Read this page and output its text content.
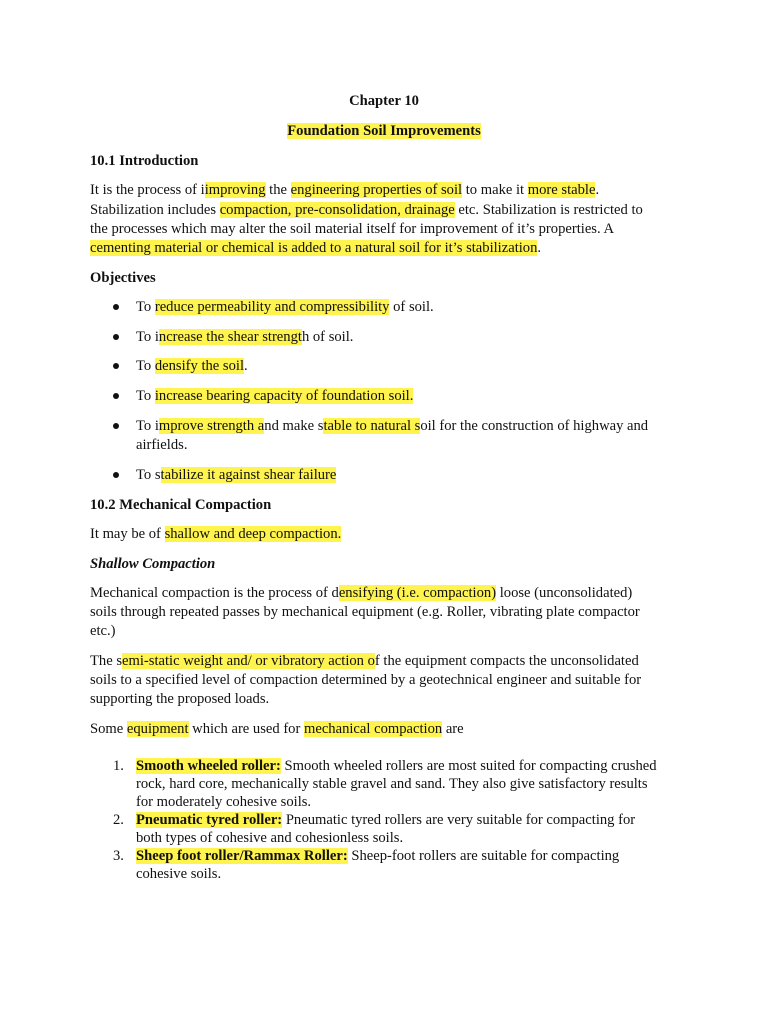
Chapter 10
Foundation Soil Improvements
10.1 Introduction
It is the process of iimproving the engineering properties of soil to make it more stable.
Stabilization includes compaction, pre-consolidation, drainage etc. Stabilization is restricted to
the processes which may alter the soil material itself for improvement of it’s properties. A
cementing material or chemical is added to a natural soil for it’s stabilization.
Objectives
To reduce permeability and compressibility of soil.
To increase the shear strength of soil.
To densify the soil.
To increase bearing capacity of foundation soil.
To improve strength and make stable to natural soil for the construction of highway and
airfields.
To stabilize it against shear failure
10.2 Mechanical Compaction
It may be of shallow and deep compaction.
Shallow Compaction
Mechanical compaction is the process of densifying (i.e. compaction) loose (unconsolidated)
soils through repeated passes by mechanical equipment (e.g. Roller, vibrating plate compactor
etc.)
The semi-static weight and/ or vibratory action of the equipment compacts the unconsolidated
soils to a specified level of compaction determined by a geotechnical engineer and suitable for
supporting the proposed loads.
Some equipment which are used for mechanical compaction are
1. Smooth wheeled roller: Smooth wheeled rollers are most suited for compacting crushed
rock, hard core, mechanically stable gravel and sand. They also give satisfactory results
for moderately cohesive soils.
2. Pneumatic tyred roller: Pneumatic tyred rollers are very suitable for compacting for
both types of cohesive and cohesionless soils.
3. Sheep foot roller/Rammax Roller: Sheep-foot rollers are suitable for compacting
cohesive soils.
